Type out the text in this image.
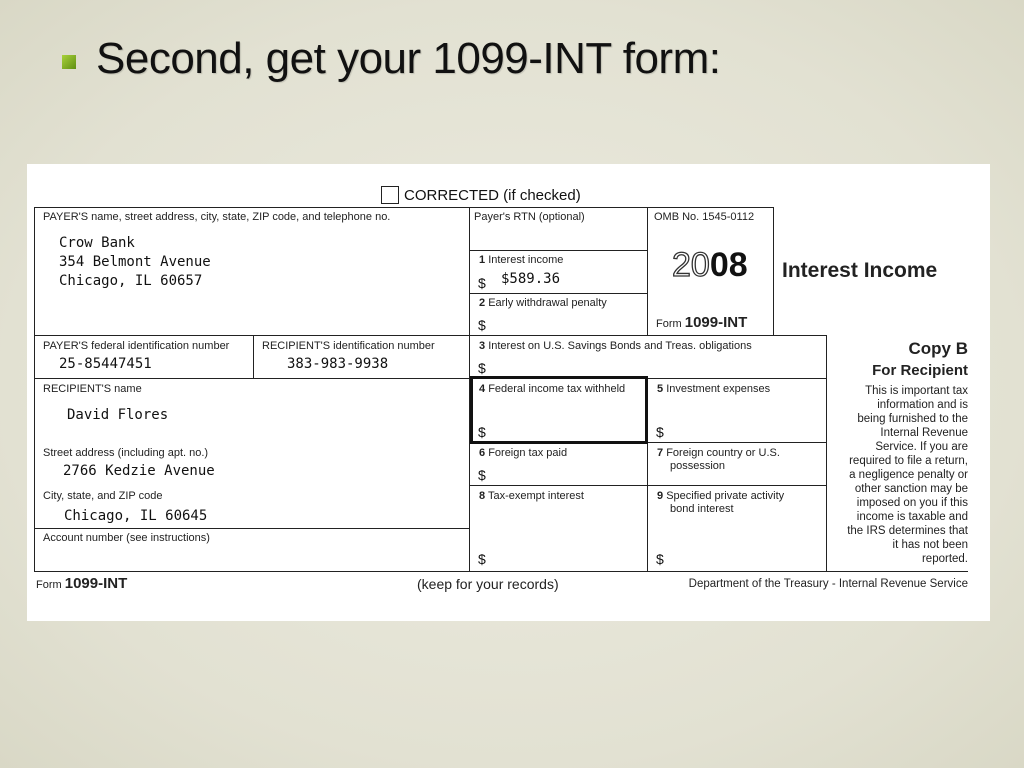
Second, get your 1099-INT form:
CORRECTED (if checked)
PAYER'S name, street address, city, state, ZIP code, and telephone no.
Crow Bank
354 Belmont Avenue
Chicago, IL 60657
Payer's RTN (optional)	OMB No. 1545-0112
2008
Form 1099-INT
Interest Income
1 Interest income
$ $589.36
2 Early withdrawal penalty
$
PAYER'S federal identification number
25-85447451
RECIPIENT'S identification number
383-983-9938
3 Interest on U.S. Savings Bonds and Treas. obligations
$
Copy B
For Recipient
This is important tax
information and is
being furnished to the
Internal Revenue
Service. If you are
required to file a return,
a negligence penalty or
other sanction may be
imposed on you if this
income is taxable and
the IRS determines that
it has not been
reported.
RECIPIENT'S name
David Flores
4 Federal income tax withheld
$
5 Investment expenses
$
Street address (including apt. no.)
2766 Kedzie Avenue
6 Foreign tax paid
$
7 Foreign country or U.S.
possession
City, state, and ZIP code
Chicago, IL 60645
8 Tax-exempt interest
$
9 Specified private activity
bond interest
$
Account number (see instructions)
Form 1099-INT	(keep for your records)	Department of the Treasury - Internal Revenue Service
